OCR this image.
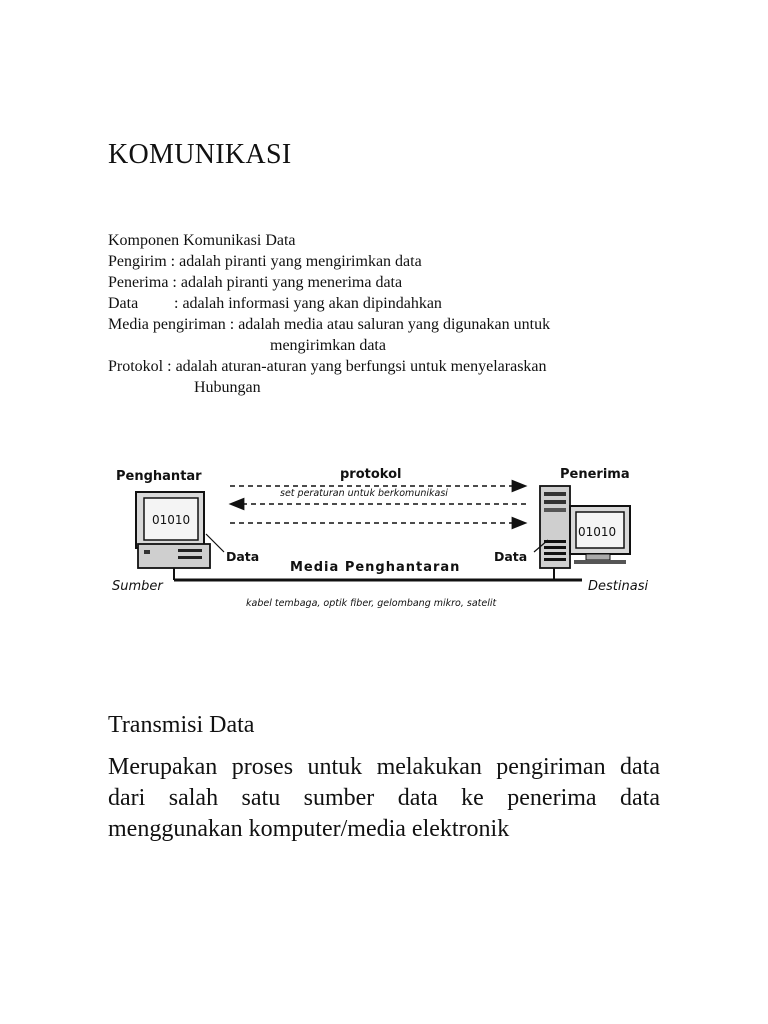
KOMUNIKASI
Komponen Komunikasi Data
Pengirim : adalah piranti yang mengirimkan data
Penerima : adalah piranti yang menerima data
Data : adalah informasi yang akan dipindahkan
Media pengiriman : adalah media atau saluran yang digunakan untuk
mengirimkan data
Protokol : adalah aturan-aturan yang berfungsi untuk menyelaraskan
Hubungan
Penghantar	protokol	Penerima
set peraturan untuk berkomunikasi
01010
Data
01010
Data
Media Penghantaran
Sumber	Destinasi
kabel tembaga, optik fiber, gelombang mikro, satelit
Transmisi Data
Merupakan proses untuk melakukan pengiriman data dari salah satu sumber data ke penerima data menggunakan komputer/media elektronik
